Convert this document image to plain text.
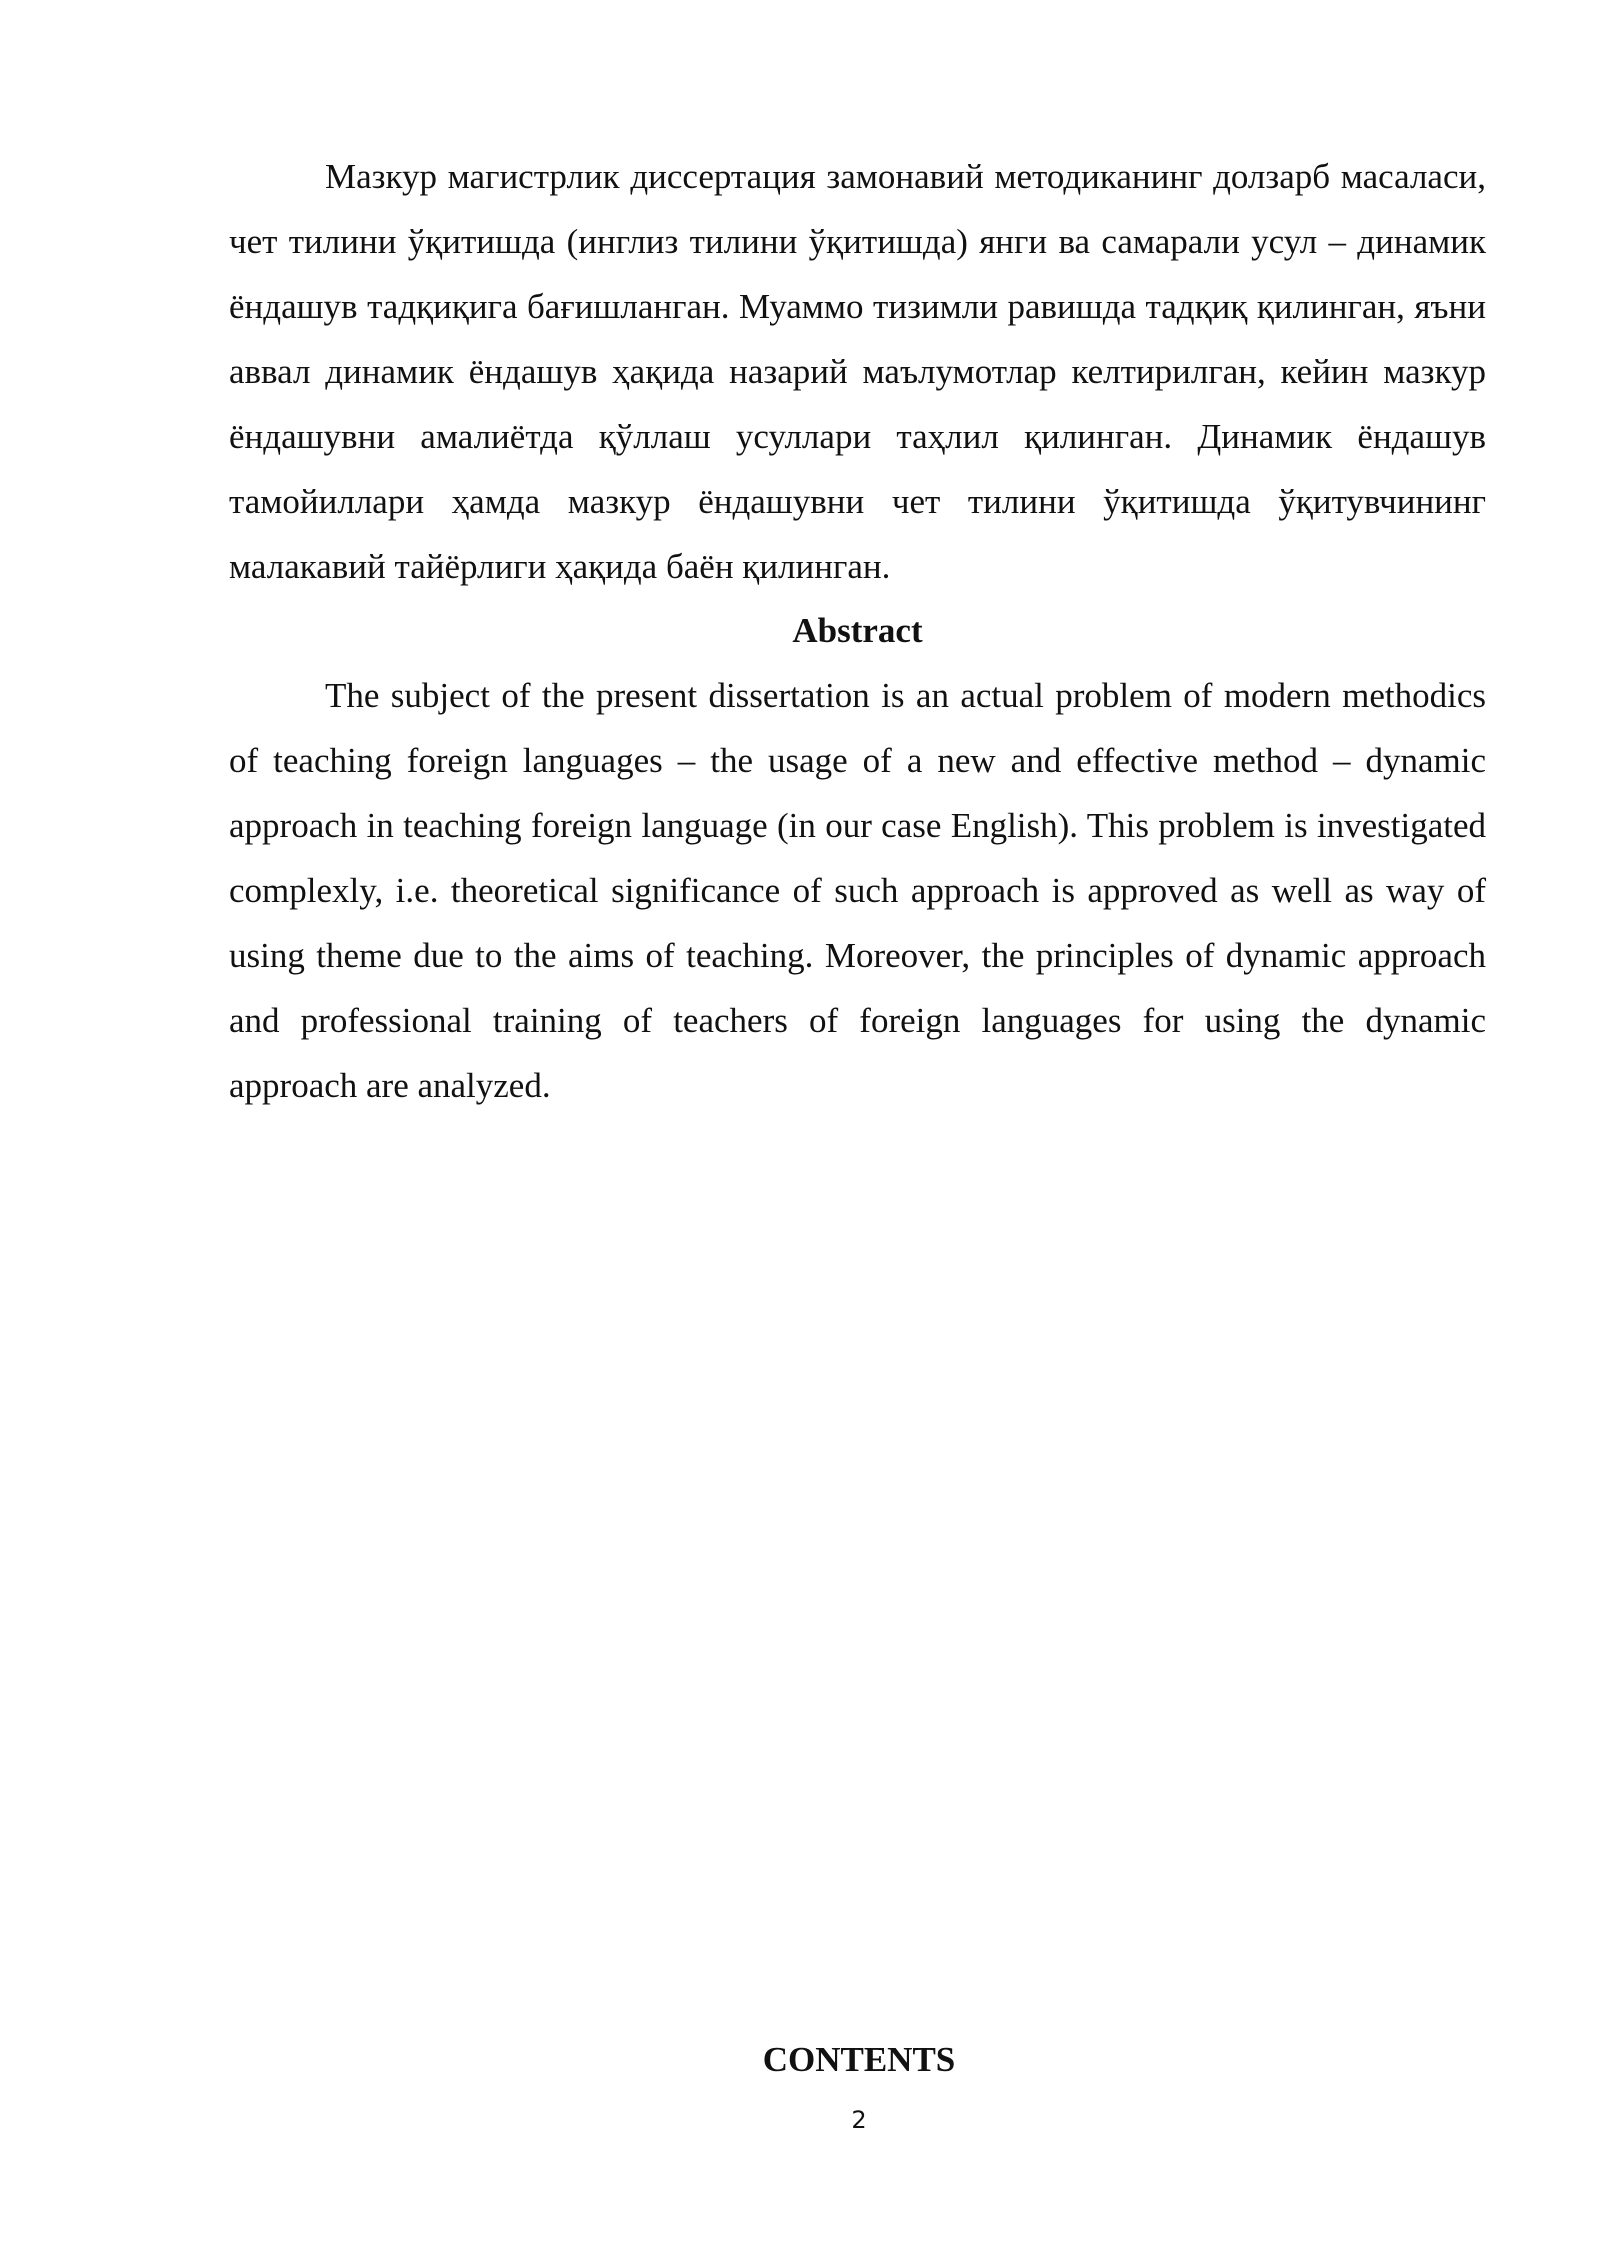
Мазкур магистрлик диссертация замонавий методиканинг долзарб масаласи, чет тилини ўқитишда (инглиз тилини ўқитишда) янги ва самарали усул – динамик ёндашув тадқиқига бағишланган. Муаммо тизимли равишда тадқиқ қилинган, яъни аввал динамик ёндашув ҳақида назарий маълумотлар келтирилган, кейин мазкур ёндашувни амалиётда қўллаш усуллари таҳлил қилинган. Динамик ёндашув тамойиллари ҳамда мазкур ёндашувни чет тилини ўқитишда ўқитувчининг малакавий тайёрлиги ҳақида баён қилинган.

Abstract

The subject of the present dissertation is an actual problem of modern methodics of teaching foreign languages – the usage of a new and effective method – dynamic approach in teaching foreign language (in our case English). This problem is investigated complexly, i.e. theoretical significance of such approach is approved as well as way of using theme due to the aims of teaching. Moreover, the principles of dynamic approach and professional training of teachers of foreign languages for using the dynamic approach are analyzed.

CONTENTS
2
